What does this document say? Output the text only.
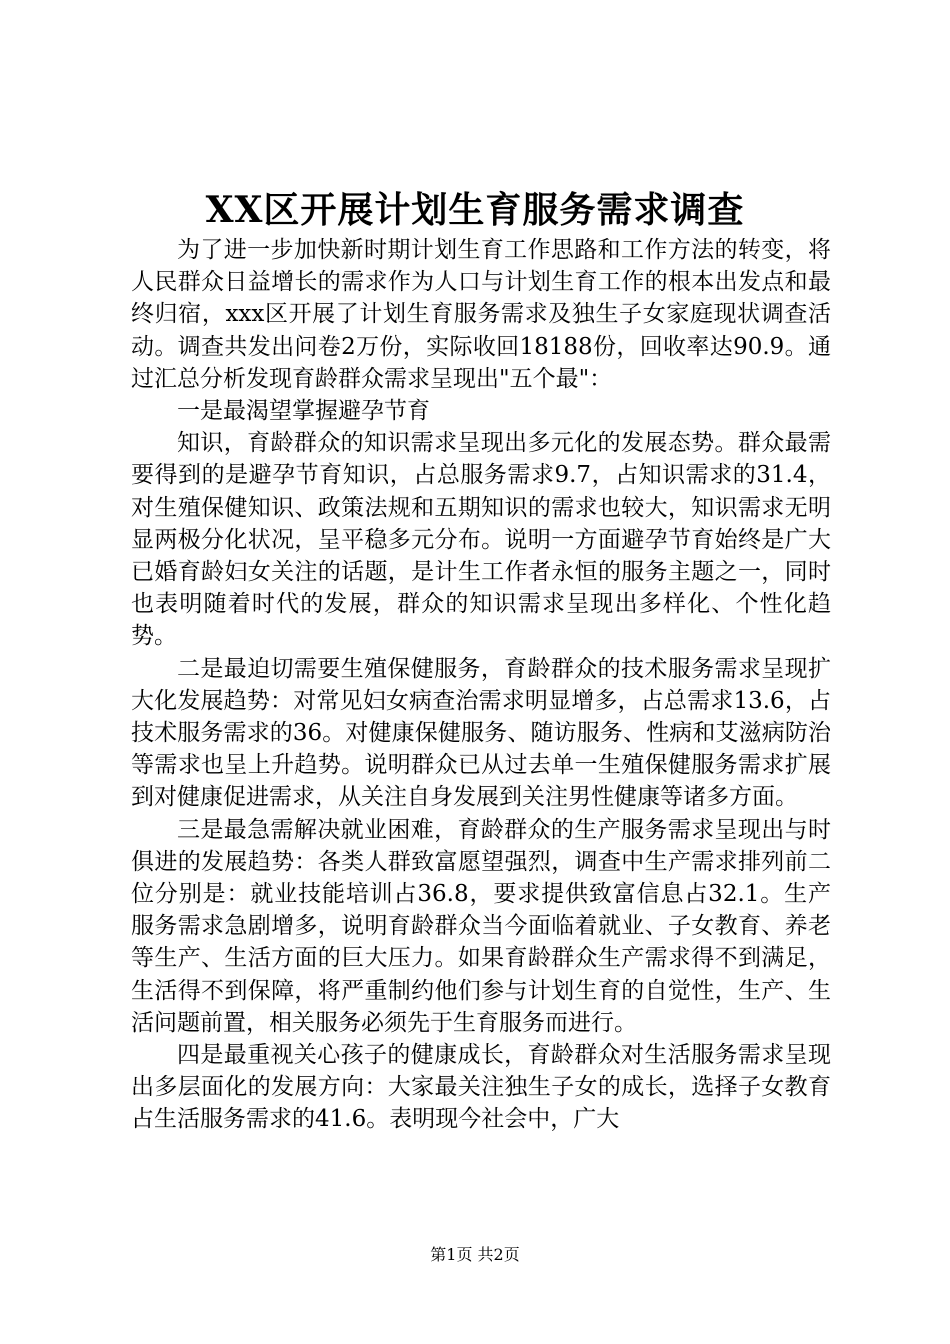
XX区开展计划生育服务需求调查

为了进一步加快新时期计划生育工作思路和工作方法的转变，将人民群众日益增长的需求作为人口与计划生育工作的根本出发点和最终归宿，xxx区开展了计划生育服务需求及独生子女家庭现状调查活动。调查共发出问卷2万份，实际收回18188份，回收率达90.9。通过汇总分析发现育龄群众需求呈现出"五个最"：

一是最渴望掌握避孕节育

知识，育龄群众的知识需求呈现出多元化的发展态势。群众最需要得到的是避孕节育知识，占总服务需求9.7，占知识需求的31.4，对生殖保健知识、政策法规和五期知识的需求也较大，知识需求无明显两极分化状况，呈平稳多元分布。说明一方面避孕节育始终是广大已婚育龄妇女关注的话题，是计生工作者永恒的服务主题之一，同时也表明随着时代的发展，群众的知识需求呈现出多样化、个性化趋势。

二是最迫切需要生殖保健服务，育龄群众的技术服务需求呈现扩大化发展趋势：对常见妇女病查治需求明显增多，占总需求13.6，占技术服务需求的36。对健康保健服务、随访服务、性病和艾滋病防治等需求也呈上升趋势。说明群众已从过去单一生殖保健服务需求扩展到对健康促进需求，从关注自身发展到关注男性健康等诸多方面。

三是最急需解决就业困难，育龄群众的生产服务需求呈现出与时俱进的发展趋势：各类人群致富愿望强烈，调查中生产需求排列前二位分别是：就业技能培训占36.8，要求提供致富信息占32.1。生产服务需求急剧增多，说明育龄群众当今面临着就业、子女教育、养老等生产、生活方面的巨大压力。如果育龄群众生产需求得不到满足，生活得不到保障，将严重制约他们参与计划生育的自觉性，生产、生活问题前置，相关服务必须先于生育服务而进行。

四是最重视关心孩子的健康成长，育龄群众对生活服务需求呈现出多层面化的发展方向：大家最关注独生子女的成长，选择子女教育占生活服务需求的41.6。表明现今社会中，广大

第1页 共2页
